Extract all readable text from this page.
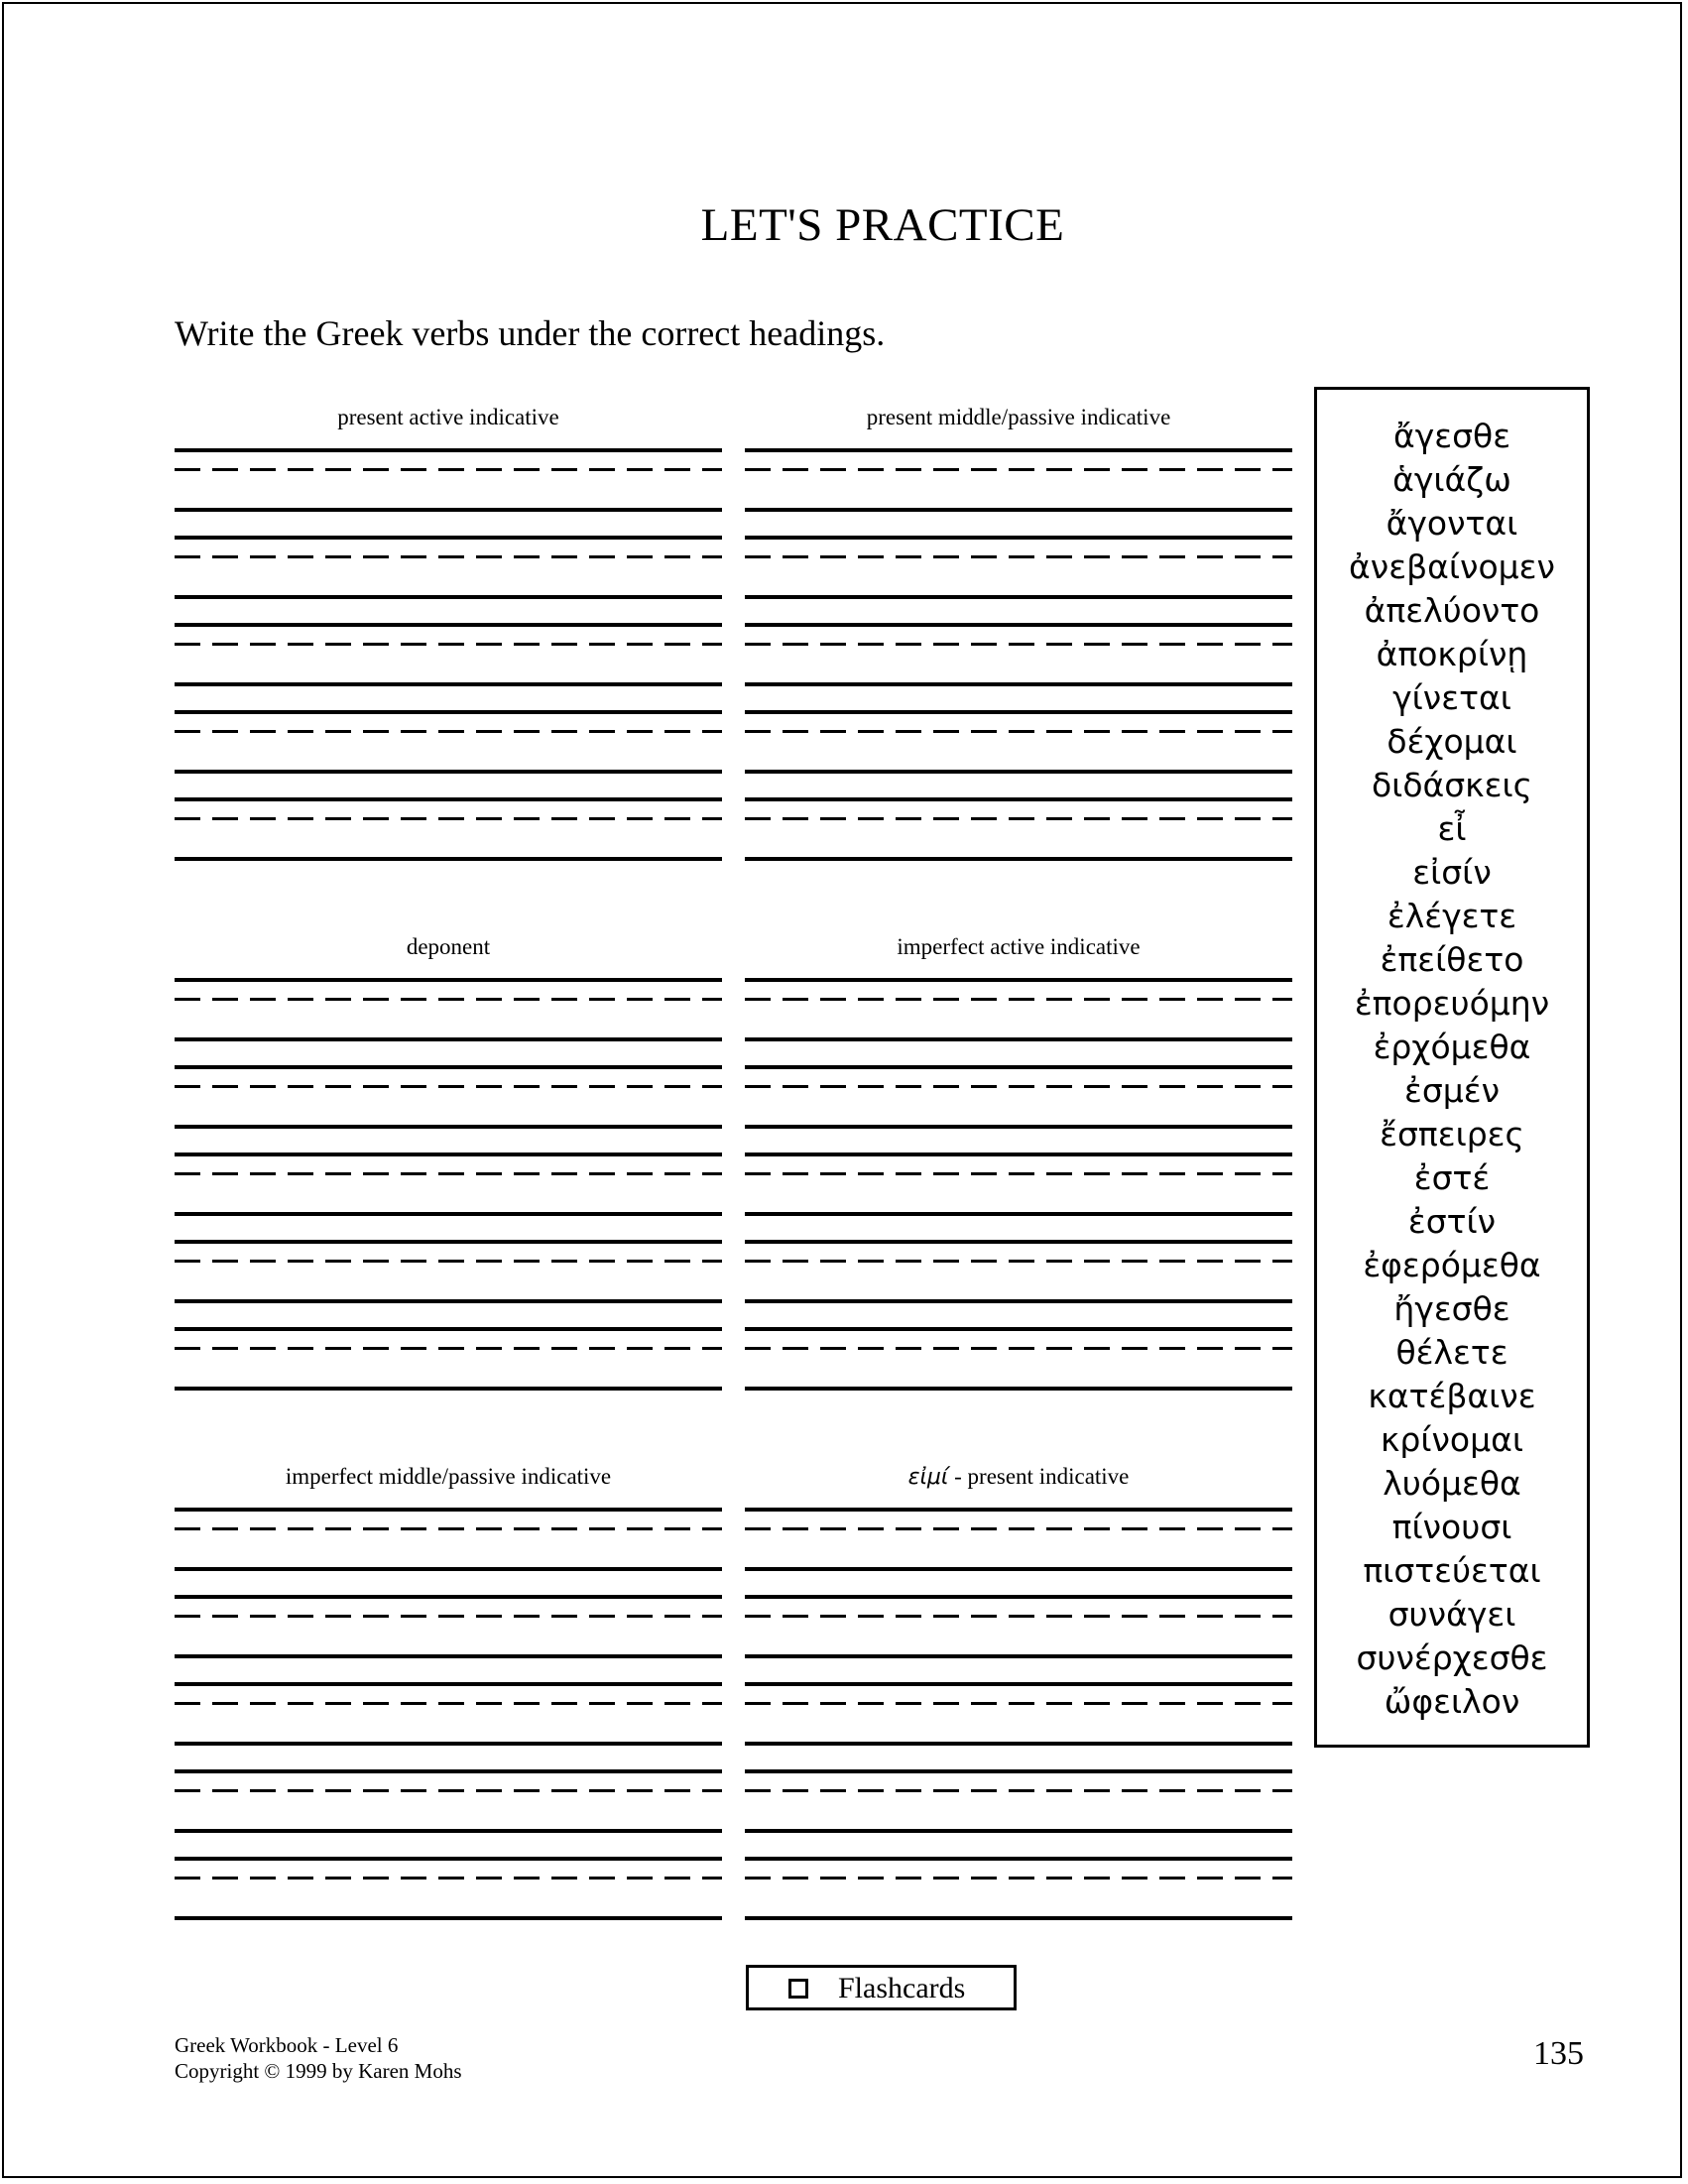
LET'S PRACTICE
Write the Greek verbs under the correct headings.
present active indicative	present middle/passive indicative
deponent	imperfect active indicative
imperfect middle/passive indicative	εἰμί - present indicative
ἄγεσθε
ἁγιάζω
ἄγονται
ἀνεβαίνομεν
ἀπελύοντο
ἀποκρίνῃ
γίνεται
δέχομαι
διδάσκεις
εἶ
εἰσίν
ἐλέγετε
ἐπείθετο
ἐπορευόμην
ἐρχόμεθα
ἐσμέν
ἔσπειρες
ἐστέ
ἐστίν
ἐφερόμεθα
ἤγεσθε
θέλετε
κατέβαινε
κρίνομαι
λυόμεθα
πίνουσι
πιστεύεται
συνάγει
συνέρχεσθε
ὤφειλον
Flashcards
Greek Workbook - Level 6
Copyright © 1999 by Karen Mohs	135
